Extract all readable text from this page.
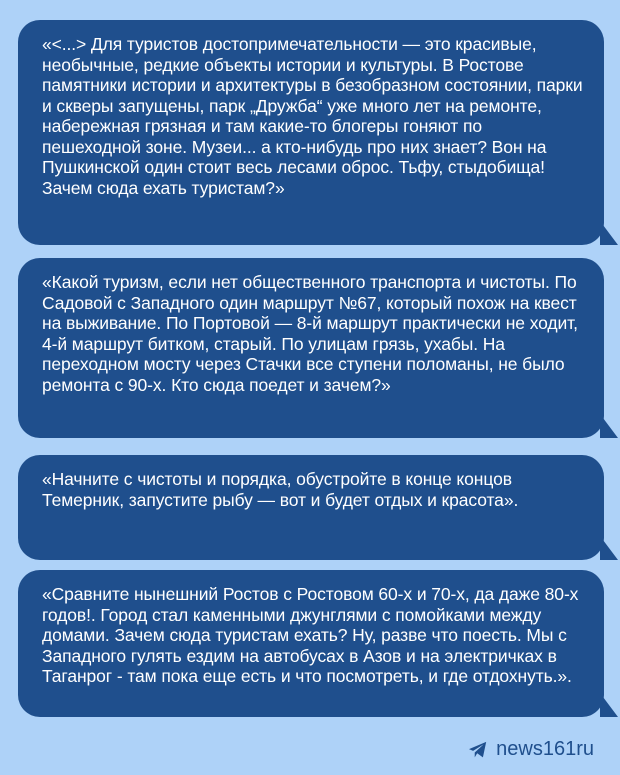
«<...> Для туристов достопримечательности — это красивые, необычные, редкие объекты истории и культуры. В Ростове памятники истории и архитектуры в безобразном состоянии, парки и скверы запущены, парк „Дружба“ уже много лет на ремонте, набережная грязная и там какие-то блогеры гоняют по пешеходной зоне. Музеи... а кто-нибудь про них знает? Вон на Пушкинской один стоит весь лесами оброс. Тьфу, стыдобища! Зачем сюда ехать туристам?»
«Какой туризм, если нет общественного транспорта и чистоты. По Садовой с Западного один маршрут №67, который похож на квест на выживание. По Портовой — 8-й маршрут практически не ходит, 4-й маршрут битком, старый. По улицам грязь, ухабы. На переходном мосту через Стачки все ступени поломаны, не было ремонта с 90-х. Кто сюда поедет и зачем?»
«Начните с чистоты и порядка, обустройте в конце концов Темерник, запустите рыбу — вот и будет отдых и красота».
«Сравните нынешний Ростов с Ростовом 60-х и 70-х, да даже 80-х годов!. Город стал каменными джунглями с помойками между домами. Зачем сюда туристам ехать? Ну, разве что поесть. Мы с Западного гулять ездим на автобусах в Азов и на электричках в Таганрог - там пока еще есть и что посмотреть, и где отдохнуть.».
news161ru
